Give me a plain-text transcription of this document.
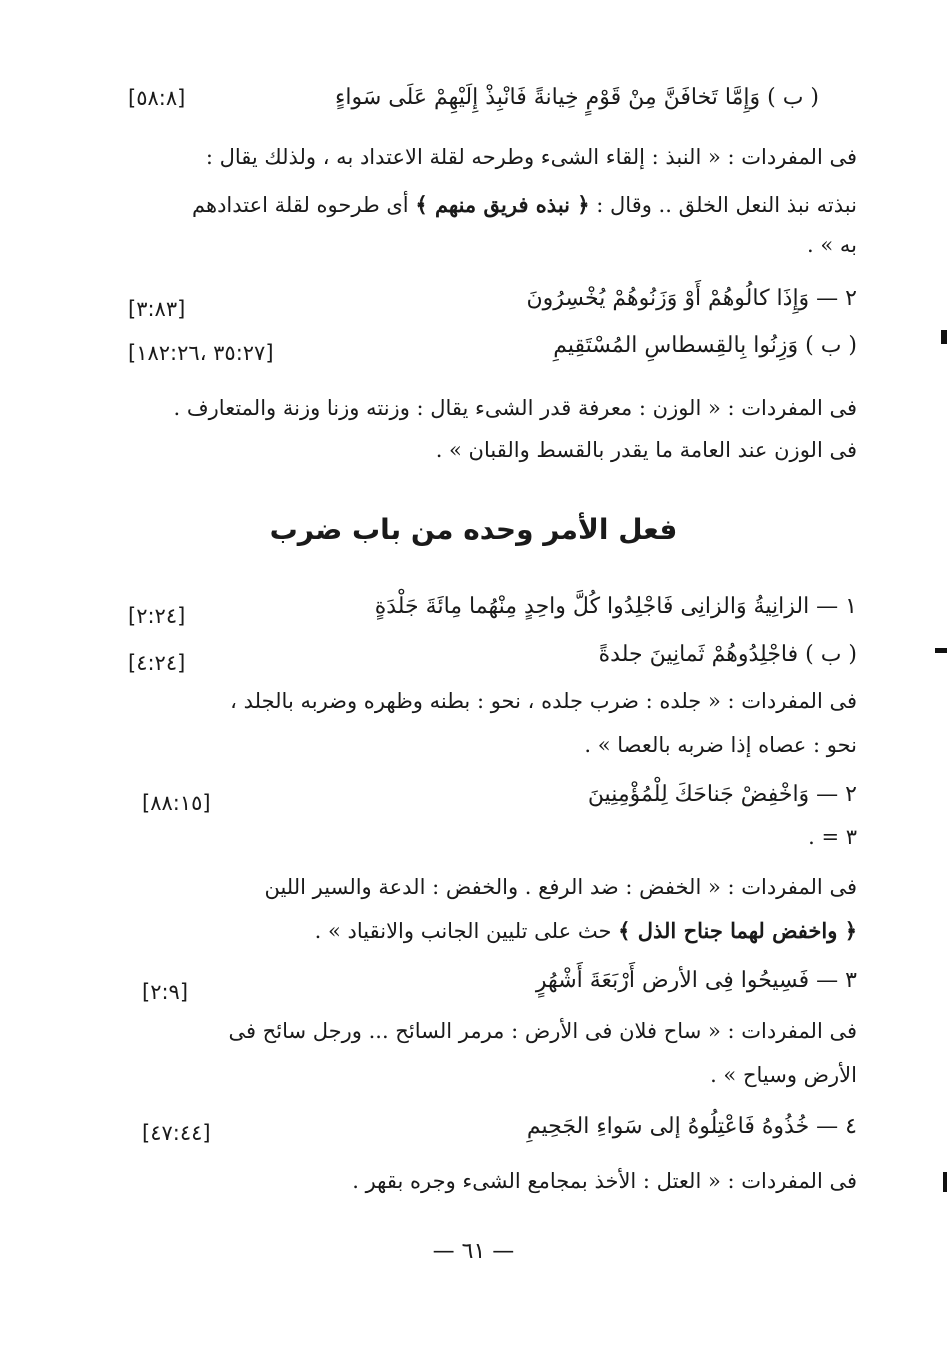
( ب ) وَإِمَّا تَخافَنَّ مِنْ قَوْمٍ خِيانةً فَانْبِذْ إِلَيْهِمْ عَلَى سَواءٍ
[٥٨:٨]
فى المفردات : « النبذ : إلقاء الشىء وطرحه لقلة الاعتداد به ، ولذلك يقال :
نبذته نبذ النعل الخلق .. وقال : ﴿ نبذه فريق منهم ﴾ أى طرحوه لقلة اعتدادهم
به » .
٢ — وَإِذَا كالُوهُمْ أَوْ وَزَنُوهُمْ يُخْسِرُونَ
[٣:٨٣]
( ب ) وَزِنُوا بِالقِسطاسِ المُسْتَقِيمِ
[٣٥:٢٧ ،١٨٢:٢٦]
فى المفردات : « الوزن : معرفة قدر الشىء يقال : وزنته وزنا وزنة والمتعارف .
فى الوزن عند العامة ما يقدر بالقسط والقبان » .
فعل الأمر وحده من باب ضرب
١ — الزانِيةُ وَالزانِى فَاجْلِدُوا كُلَّ واحِدٍ مِنْهُما مِائَةَ جَلْدَةٍ
[٢:٢٤]
( ب ) فاجْلِدُوهُمْ ثَمانِينَ جلدةً
[٤:٢٤]
فى المفردات : « جلده : ضرب جلده ، نحو : بطنه وظهره وضربه بالجلد ،
نحو : عصاه إذا ضربه بالعصا » .
٢ — وَاخْفِضْ جَناحَكَ لِلْمُؤْمِنِينَ
[٨٨:١٥]
٣ = .
فى المفردات : « الخفض : ضد الرفع . والخفض : الدعة والسير اللين
﴿ واخفض لهما جناح الذل ﴾ حث على تليين الجانب والانقياد » .
٣ — فَسِيحُوا فِى الأرض أَرْبَعَةَ أَشْهُرٍ
[٢:٩]
فى المفردات : « ساح فلان فى الأرض : مرمر السائح ... ورجل سائح فى
الأرض وسياح » .
٤ — خُذُوهُ فَاعْتِلُوهُ إلى سَواءِ الجَحِيمِ
[٤٧:٤٤]
فى المفردات : « العتل : الأخذ بمجامع الشىء وجره بقهر .
— ٦١ —
